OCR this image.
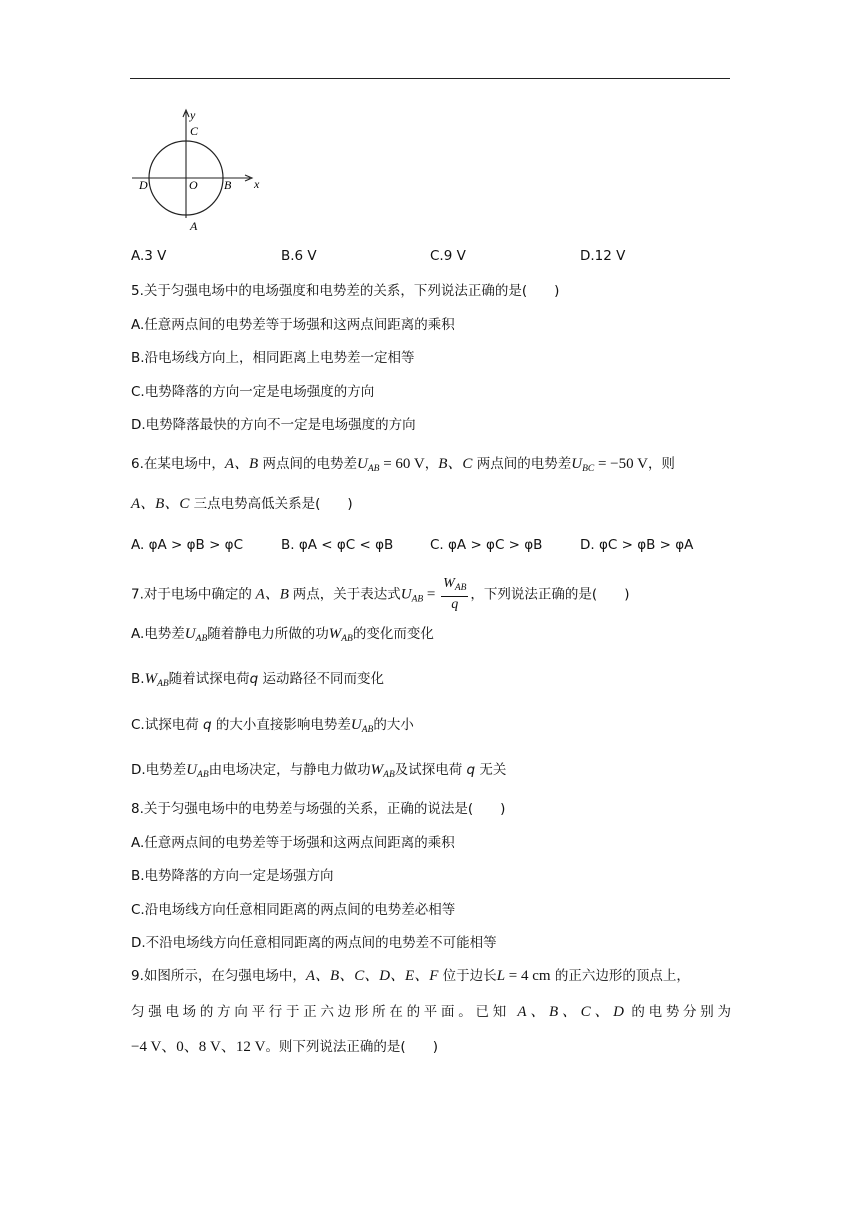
y
x
C
D	O B
A
A.3 V	B.6 V	C.9 V	D.12 V
5.关于匀强电场中的电场强度和电势差的关系，下列说法正确的是(　　)
A.任意两点间的电势差等于场强和这两点间距离的乘积
B.沿电场线方向上，相同距离上电势差一定相等
C.电势降落的方向一定是电场强度的方向
D.电势降落最快的方向不一定是电场强度的方向
6.在某电场中，A、B 两点间的电势差$U_{AB} = 60$ V，B、C 两点间的电势差$U_{BC} = -50$ V，则
A、B、C 三点电势高低关系是(　　)
A. φA > φB > φC	B. φA < φC < φB	C. φA > φC > φB	D. φC > φB > φA
7.对于电场中确定的 A、B 两点，关于表达式$U_{AB} = \frac{W_{AB}}{q}$ ，下列说法正确的是(　　)
A.电势差$U_{AB}$随着静电力所做的功$W_{AB}$的变化而变化
$B.W_{AB}$随着试探电荷q 运动路径不同而变化
C.试探电荷 q 的大小直接影响电势差$U_{AB}$的大小
D.电势差$U_{AB}$由电场决定，与静电力做功$W_{AB}$及试探电荷 q 无关
8.关于匀强电场中的电势差与场强的关系，正确的说法是(　　)
A.任意两点间的电势差等于场强和这两点间距离的乘积
B.电势降落的方向一定是场强方向
C.沿电场线方向任意相同距离的两点间的电势差必相等
D.不沿电场线方向任意相同距离的两点间的电势差不可能相等
9.如图所示，在匀强电场中，A、B、C、D、E、F 位于边长L = 4 cm 的正六边形的顶点上，
匀强电场的方向平行于正六边形所在的平面。已知 A、B、C、D 的电势分别为
−4 V、0、8 V、12 V。则下列说法正确的是(　　)
